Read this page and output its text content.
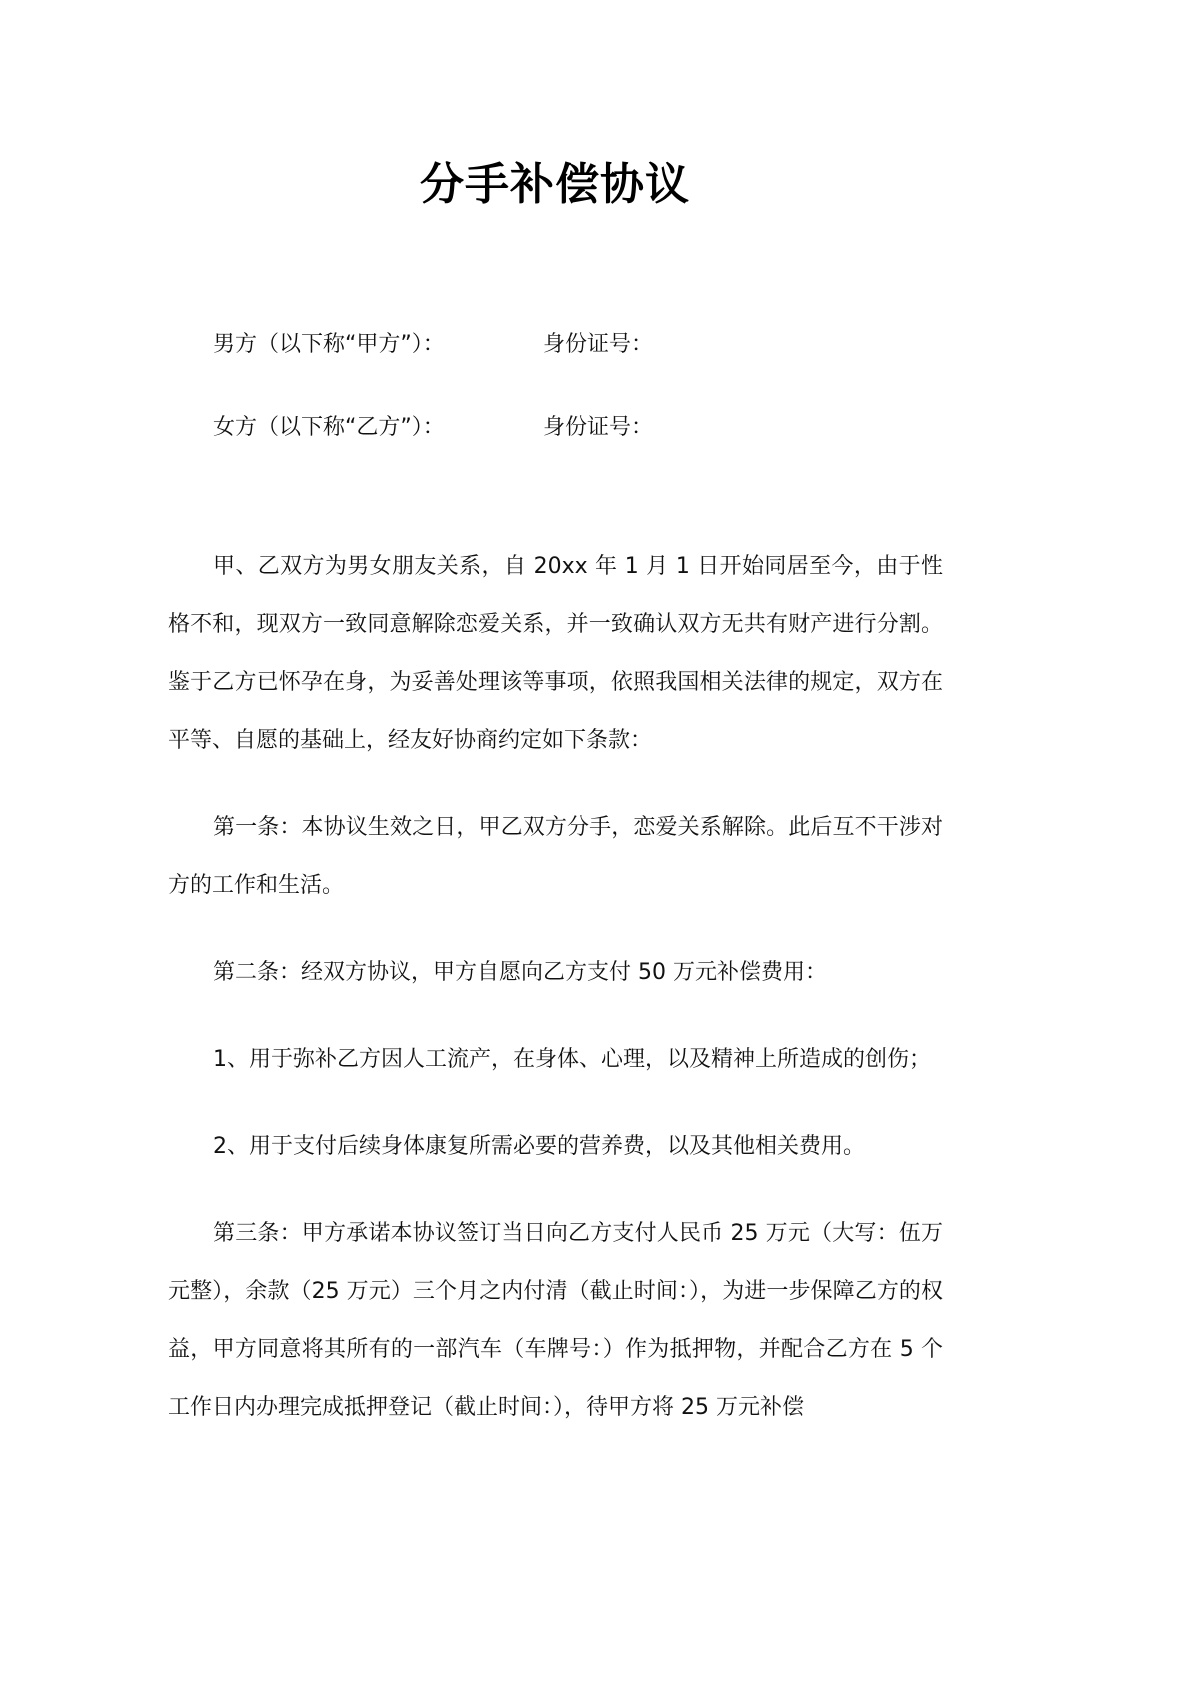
分手补偿协议
男方（以下称“甲方”）：	身份证号：
女方（以下称“乙方”）：	身份证号：

甲、乙双方为男女朋友关系，自 20xx 年 1 月 1 日开始同居至今，由于性格不和，现双方一致同意解除恋爱关系，并一致确认双方无共有财产进行分割。鉴于乙方已怀孕在身，为妥善处理该等事项，依照我国相关法律的规定，双方在平等、自愿的基础上，经友好协商约定如下条款：

第一条：本协议生效之日，甲乙双方分手，恋爱关系解除。此后互不干涉对方的工作和生活。

第二条：经双方协议，甲方自愿向乙方支付 50 万元补偿费用：

1、用于弥补乙方因人工流产，在身体、心理，以及精神上所造成的创伤；

2、用于支付后续身体康复所需必要的营养费，以及其他相关费用。

第三条：甲方承诺本协议签订当日向乙方支付人民币 25 万元（大写：伍万元整），余款（25 万元）三个月之内付清（截止时间：），为进一步保障乙方的权益，甲方同意将其所有的一部汽车（车牌号：）作为抵押物，并配合乙方在 5 个工作日内办理完成抵押登记（截止时间：），待甲方将 25 万元补偿
